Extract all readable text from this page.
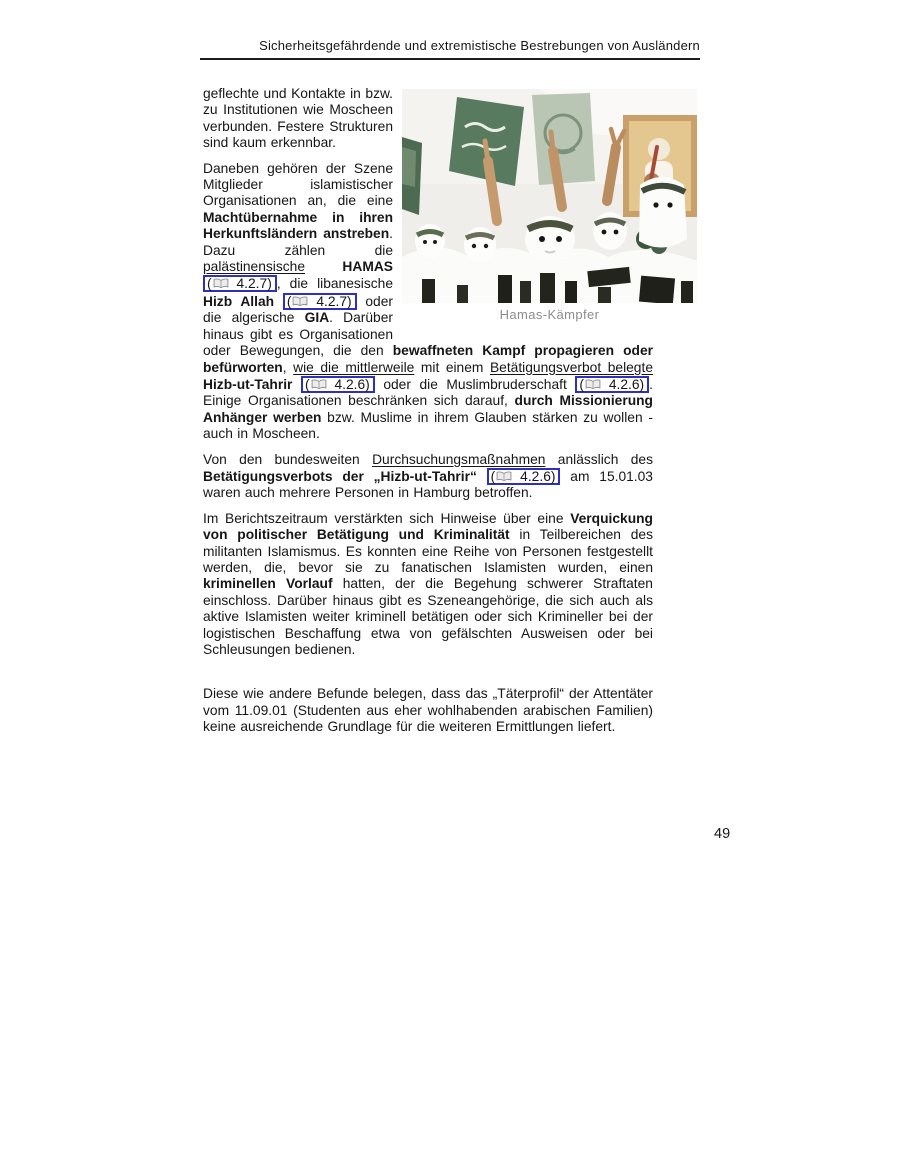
Sicherheitsgefährdende und extremistische Bestrebungen von Ausländern
Hamas-Kämpfer

geflechte und Kontakte in bzw. zu Institutionen wie Moscheen verbunden. Festere Strukturen sind kaum erkennbar.

Daneben gehören der Szene Mitglieder islamistischer Organisationen an, die eine Machtübernahme in ihren Herkunftsländern anstreben. Dazu zählen die palästinensische	HAMAS ( 4.2.7) , die libanesische Hizb Allah ( 4.2.7) oder die algerische GIA. Darüber hinaus gibt es Organisationen oder Bewegungen, die den bewaffneten Kampf propagieren oder befürworten, wie die mittlerweile mit einem Betätigungsverbot belegte Hizb-ut-Tahrir ( 4.2.6) oder die Muslimbruderschaft ( 4.2.6) . Einige Organisationen beschränken sich darauf, durch Missionierung Anhänger werben bzw. Muslime in ihrem Glauben stärken zu wollen - auch in Moscheen.

Von den bundesweiten Durchsuchungsmaßnahmen anlässlich des Betätigungsverbots der „Hizb-ut-Tahrir“ ( 4.2.6) am 15.01.03 waren auch mehrere Personen in Hamburg betroffen.

Im Berichtszeitraum verstärkten sich Hinweise über eine Verquickung von politischer Betätigung und Kriminalität in Teilbereichen des militanten Islamismus. Es konnten eine Reihe von Personen festgestellt werden, die, bevor sie zu fanatischen Islamisten wurden, einen kriminellen Vorlauf hatten, der die Begehung schwerer Straftaten einschloss. Darüber hinaus gibt es Szeneangehörige, die sich auch als aktive Islamisten weiter kriminell betätigen oder sich Krimineller bei der logistischen Beschaffung etwa von gefälschten Ausweisen oder bei Schleusungen bedienen.

Diese wie andere Befunde belegen, dass das „Täterprofil“ der Attentäter vom 11.09.01 (Studenten aus eher wohlhabenden arabischen Familien) keine ausreichende Grundlage für die weiteren Ermittlungen liefert.

49
